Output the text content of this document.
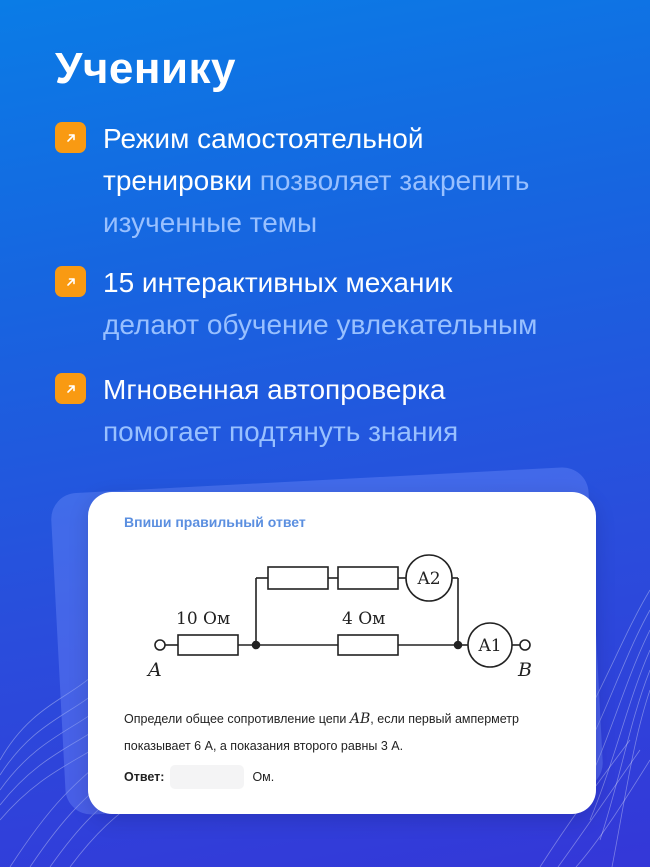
Ученику
Режим самостоятельной тренировки позволяет закрепить изученные темы
15 интерактивных механик
делают обучение увлекательным
Мгновенная автопроверка
помогает подтянуть знания
Впиши правильный ответ
10 Ом	4 Ом
A2
A1
A	B
Определи общее сопротивление цепи AB, если первый амперметр показывает 6 А, а показания второго равны 3 А.
Ответ:	Ом.
